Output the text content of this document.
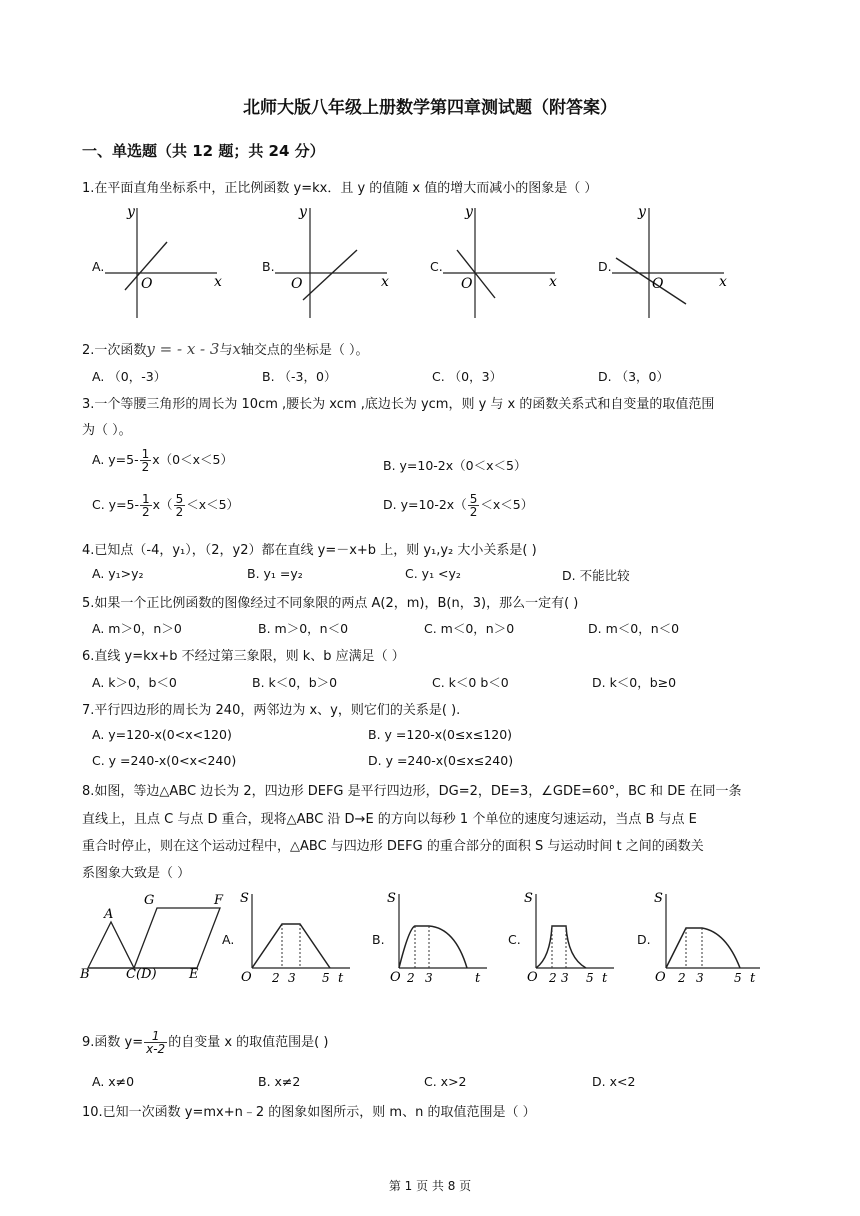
北师大版八年级上册数学第四章测试题（附答案）
一、单选题（共 12 题；共 24 分）
1.在平面直角坐标系中，正比例函数 y=kx．且 y 的值随 x 值的增大而减小的图象是（ ）
A.	B.	C.	D.
x
y
O	x
y
O	x
y
O	x
y
O
2.一次函数y = - x - 3与x轴交点的坐标是（ ）。
A. （0，-3）	B. （-3，0）	C. （0，3）	D. （3，0）
3.一个等腰三角形的周长为 10cm ,腰长为 xcm ,底边长为 ycm，则 y 与 x 的函数关系式和自变量的取值范围
为（ ）。
A. $y=5- \frac{1}{2} x(0<x<5)$	B. y=10-2x（0＜x＜5）
C. $y=5- \frac{1}{2} x( \frac{5}{2} <x<5)$	D. $y=10-2x( \frac{5}{2} <x<5)$
4.已知点（-4，y₁），（2，y2）都在直线 y=－x+b 上，则 y₁,y₂ 大小关系是( )
A. y₁>y₂	B. y₁ =y₂	C. y₁ <y₂	D. 不能比较
5.如果一个正比例函数的图像经过不同象限的两点 A(2，m)，B(n，3)，那么一定有( )
A. m＞0，n＞0	B. m＞0，n＜0	C. m＜0，n＞0	D. m＜0，n＜0
6.直线 y=kx+b 不经过第三象限，则 k、b 应满足（ ）
A. k＞0，b＜0	B. k＜0，b＞0	C. k＜0 b＜0	D. k＜0，b≥0
7.平行四边形的周长为 240，两邻边为 x、y，则它们的关系是( ).
A. y=120-x(0<x<120)	B. y =120-x(0≤x≤120)
C. y =240-x(0<x<240)	D. y =240-x(0≤x≤240)
8.如图，等边△ABC 边长为 2，四边形 DEFG 是平行四边形，DG=2，DE=3，∠GDE=60°，BC 和 DE 在同一条
直线上，且点 C 与点 D 重合，现将△ABC 沿 D→E 的方向以每秒 1 个单位的速度匀速运动，当点 B 与点 E
重合时停止，则在这个运动过程中，△ABC 与四边形 DEFG 的重合部分的面积 S 与运动时间 t 之间的函数关
系图象大致是（ ）
A
B	C(D) E
F
G
A.	B.	C.	D.
S
O 2 3 5 t
S
O 2 3	t
S
O 2 3 5 t
S
O 2 3	5 t
9.函数 $y= \frac{1}{x-2}$ 的自变量 x 的取值范围是( )
A. x≠0	B. x≠2	C. x>2	D. x<2
10.已知一次函数 y=mx+n﹣2 的图象如图所示，则 m、n 的取值范围是（ ）
第 1 页 共 8 页
